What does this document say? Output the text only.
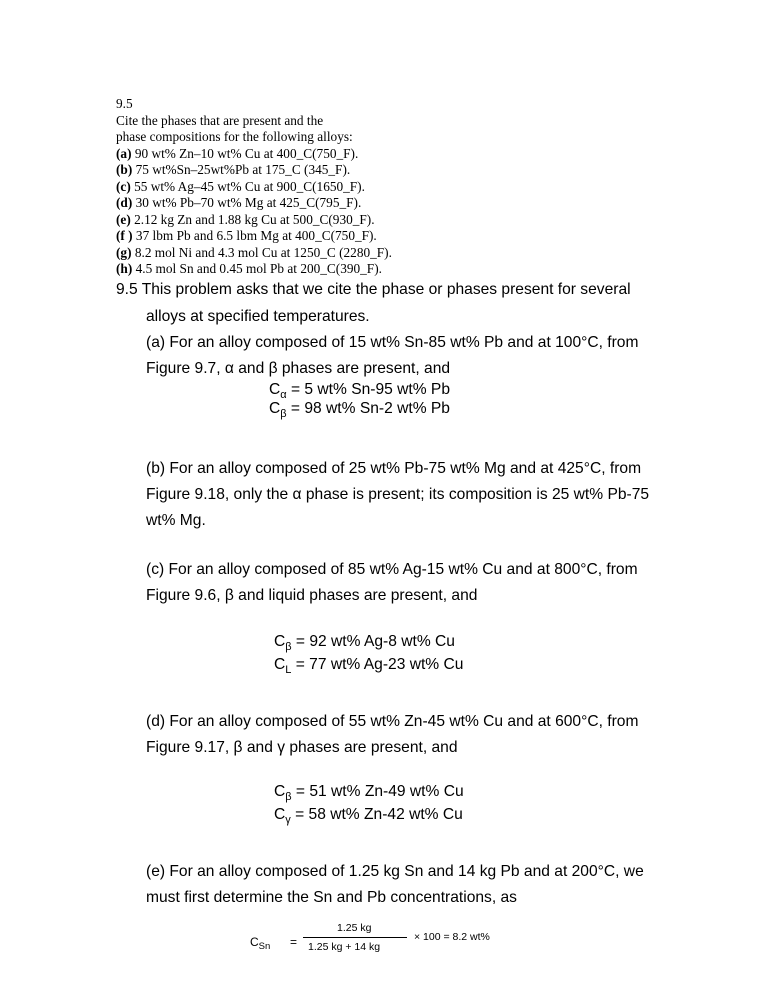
9.5
Cite the phases that are present and the
phase compositions for the following alloys:
(a) 90 wt% Zn–10 wt% Cu at 400_C(750_F).
(b) 75 wt%Sn–25wt%Pb at 175_C (345_F).
(c) 55 wt% Ag–45 wt% Cu at 900_C(1650_F).
(d) 30 wt% Pb–70 wt% Mg at 425_C(795_F).
(e) 2.12 kg Zn and 1.88 kg Cu at 500_C(930_F).
(f ) 37 lbm Pb and 6.5 lbm Mg at 400_C(750_F).
(g) 8.2 mol Ni and 4.3 mol Cu at 1250_C (2280_F).
(h) 4.5 mol Sn and 0.45 mol Pb at 200_C(390_F).
9.5 This problem asks that we cite the phase or phases present for several
alloys at specified temperatures.
(a) For an alloy composed of 15 wt% Sn-85 wt% Pb and at 100°C, from
Figure 9.7, α and β phases are present, and
$C_\alpha = 5$ wt% Sn-95 wt% Pb
$C_\beta = 98$ wt% Sn-2 wt% Pb
(b) For an alloy composed of 25 wt% Pb-75 wt% Mg and at 425°C, from
Figure 9.18, only the α phase is present; its composition is 25 wt% Pb-75
wt% Mg.
(c) For an alloy composed of 85 wt% Ag-15 wt% Cu and at 800°C, from
Figure 9.6, β and liquid phases are present, and
$C_\beta = 92$ wt% Ag-8 wt% Cu
$C_L = 77$ wt% Ag-23 wt% Cu
(d) For an alloy composed of 55 wt% Zn-45 wt% Cu and at 600°C, from
Figure 9.17, β and γ phases are present, and
$C_\beta = 51$ wt% Zn-49 wt% Cu
$C_\gamma = 58$ wt% Zn-42 wt% Cu
(e) For an alloy composed of 1.25 kg Sn and 14 kg Pb and at 200°C, we
must first determine the Sn and Pb concentrations, as
$C_{Sn}$ =
1.25 kg
1.25 kg + 14 kg
× 100 = 8.2 wt%
